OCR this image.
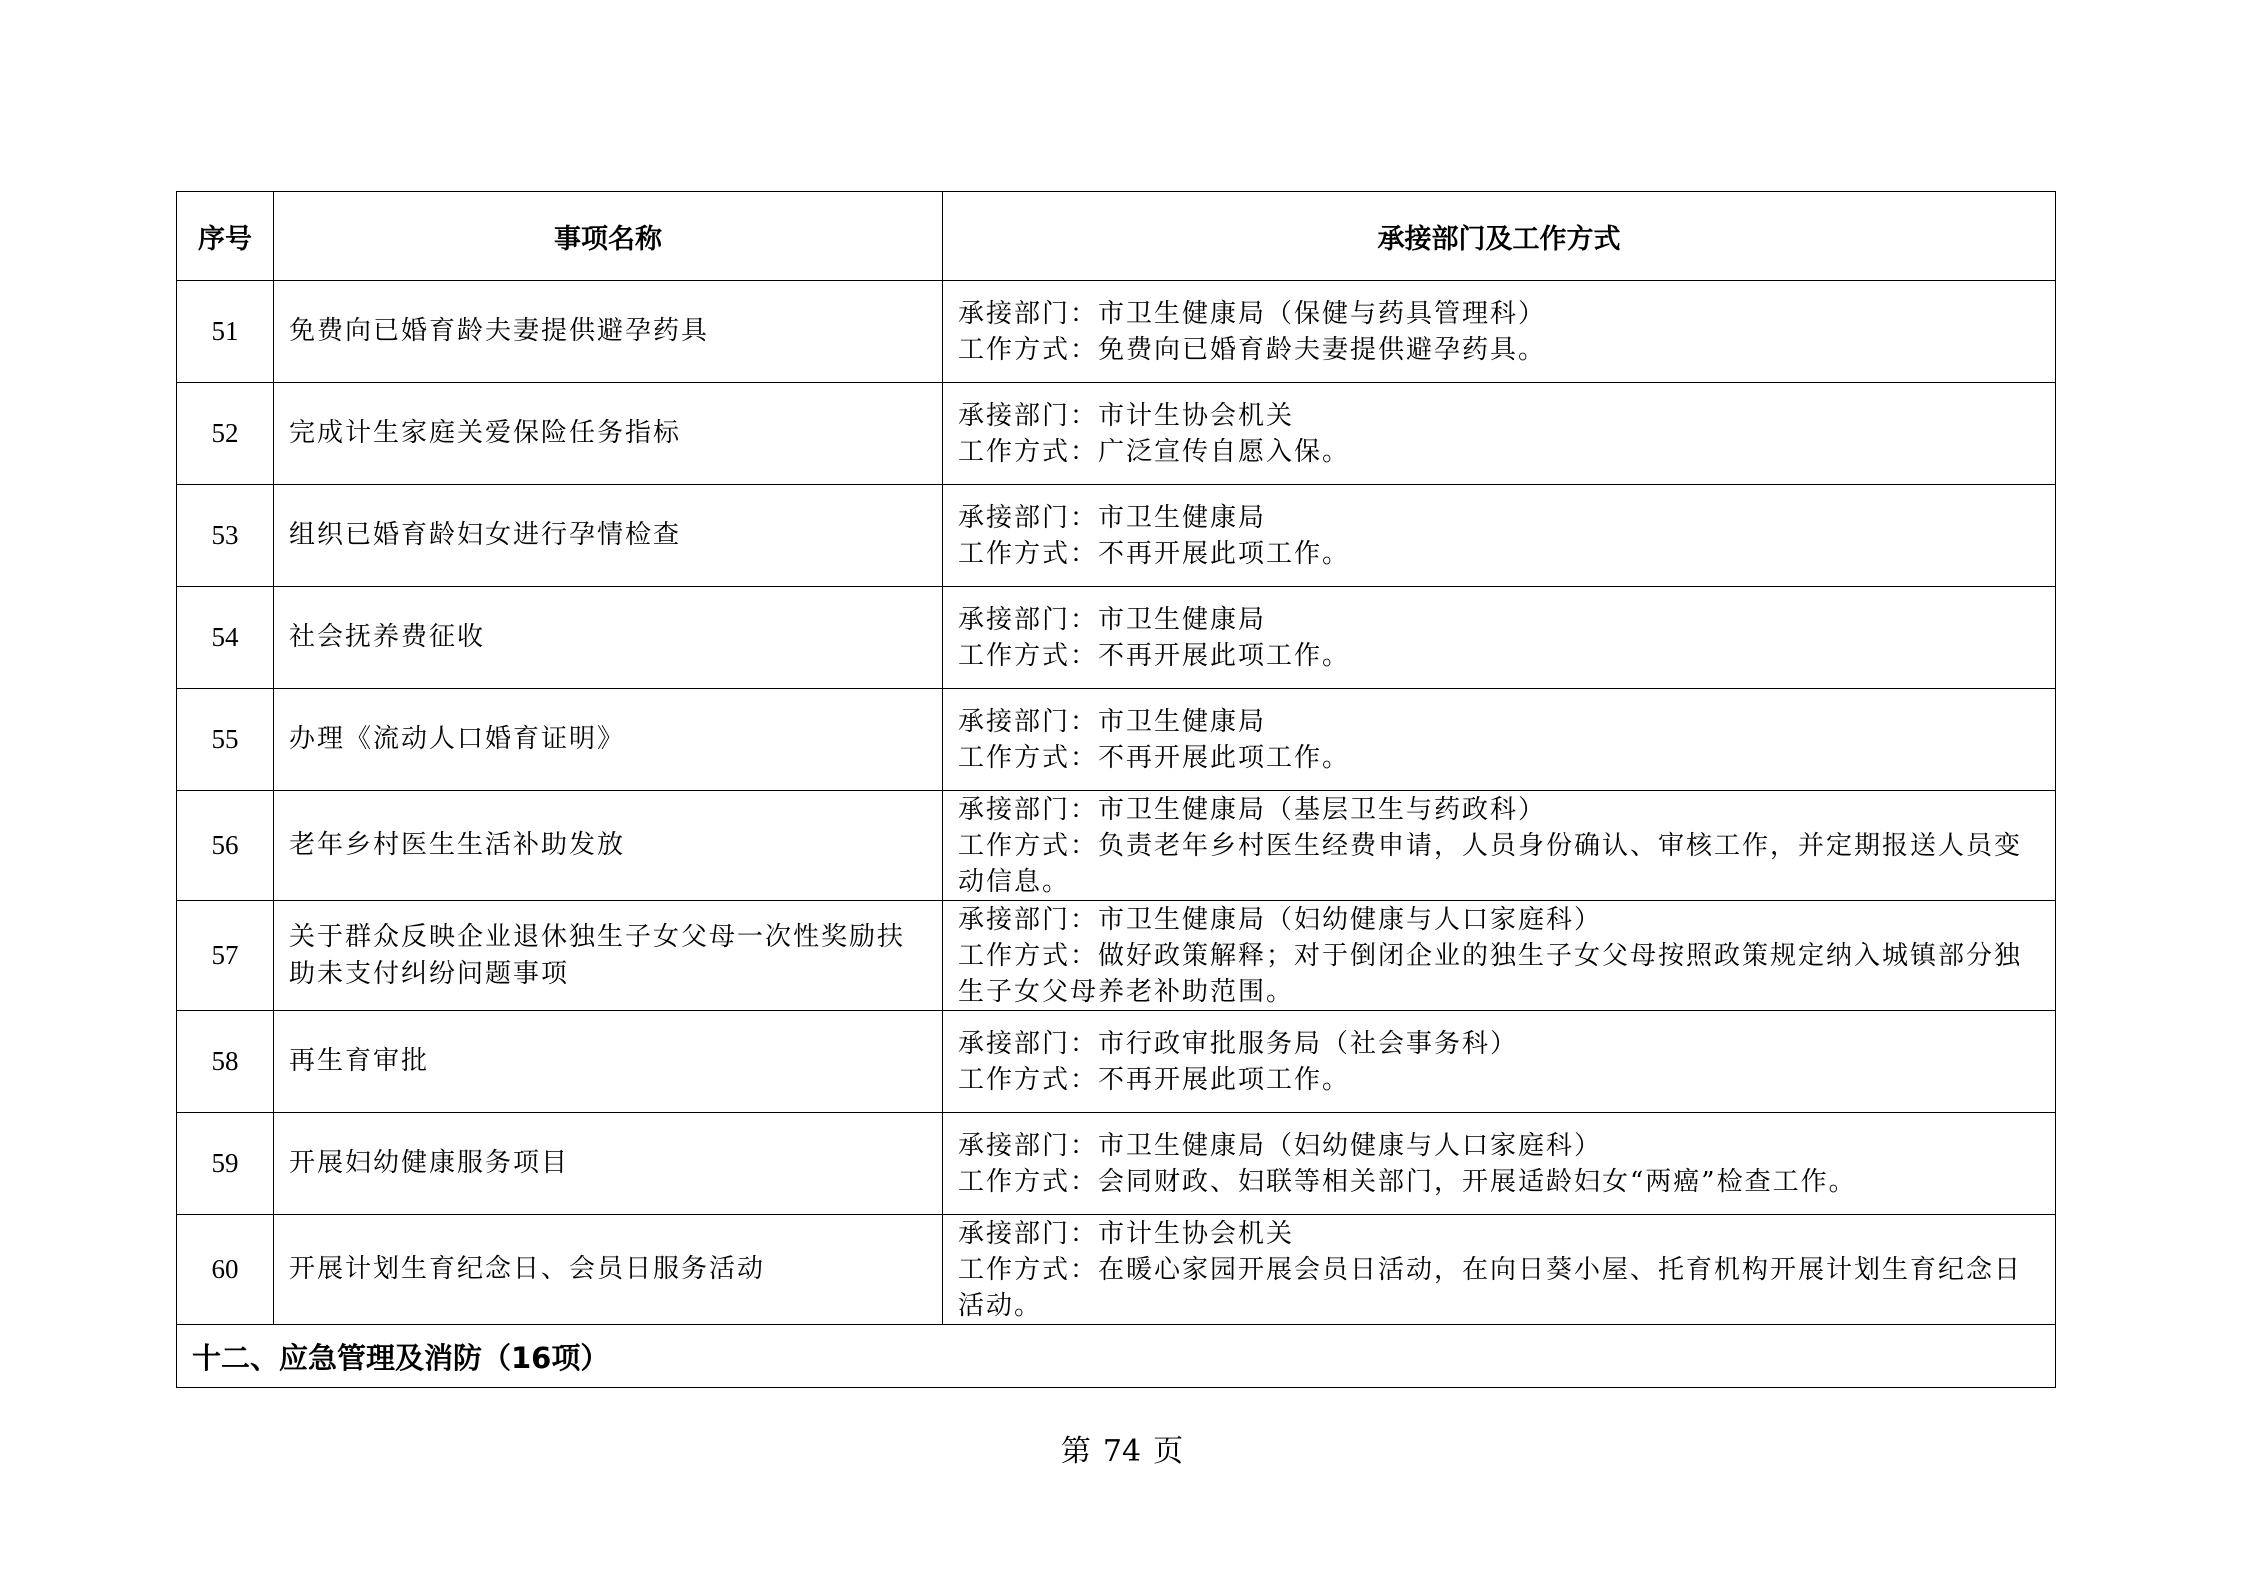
序号	事项名称	承接部门及工作方式
51	免费向已婚育龄夫妻提供避孕药具	承接部门：市卫生健康局（保健与药具管理科）
工作方式：免费向已婚育龄夫妻提供避孕药具。

52	完成计生家庭关爱保险任务指标	承接部门：市计生协会机关
工作方式：广泛宣传自愿入保。

53	组织已婚育龄妇女进行孕情检查	承接部门：市卫生健康局
工作方式：不再开展此项工作。

54	社会抚养费征收	承接部门：市卫生健康局
工作方式：不再开展此项工作。

55	办理《流动人口婚育证明》	承接部门：市卫生健康局
工作方式：不再开展此项工作。

56	老年乡村医生生活补助发放	承接部门：市卫生健康局（基层卫生与药政科）
工作方式：负责老年乡村医生经费申请，人员身份确认、审核工作，并定期报送人员变动信息。

57	关于群众反映企业退休独生子女父母一次性奖励扶助未支付纠纷问题事项	承接部门：市卫生健康局（妇幼健康与人口家庭科）
工作方式：做好政策解释；对于倒闭企业的独生子女父母按照政策规定纳入城镇部分独生子女父母养老补助范围。

58	再生育审批	承接部门：市行政审批服务局（社会事务科）
工作方式：不再开展此项工作。

59	开展妇幼健康服务项目	承接部门：市卫生健康局（妇幼健康与人口家庭科）
工作方式：会同财政、妇联等相关部门，开展适龄妇女“两癌”检查工作。

60	开展计划生育纪念日、会员日服务活动	承接部门：市计生协会机关
工作方式：在暖心家园开展会员日活动，在向日葵小屋、托育机构开展计划生育纪念日活动。

十二、应急管理及消防（16项）		
第 74 页
